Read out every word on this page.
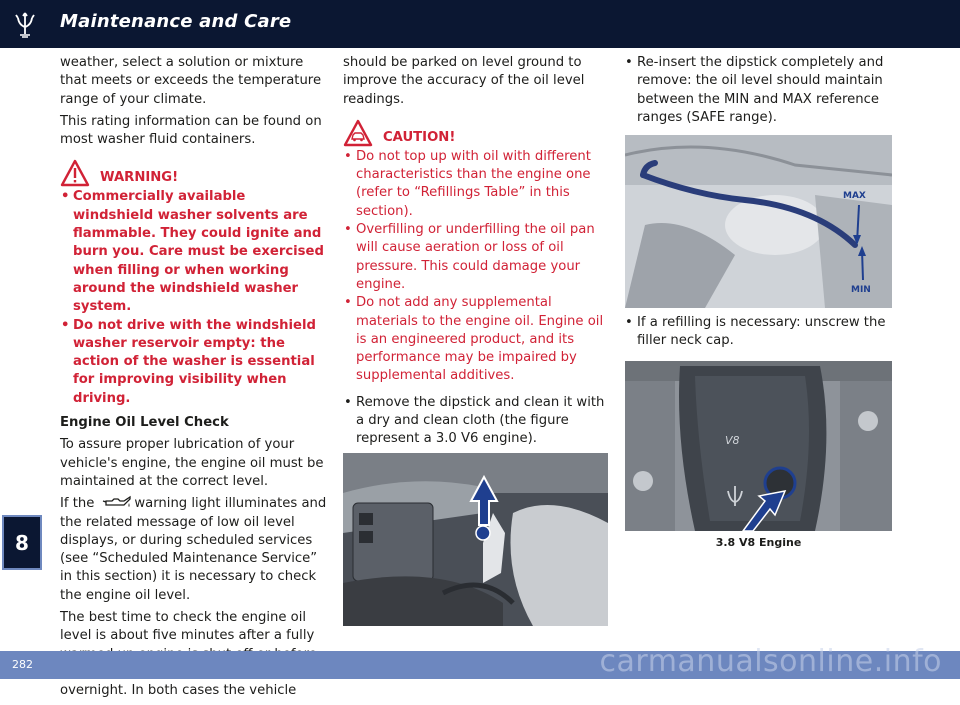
Maintenance and Care
8

weather, select a solution or mixture that meets or exceeds the temperature range of your climate.

This rating information can be found on most washer fluid containers.

WARNING!
• Commercially available windshield washer solvents are flammable. They could ignite and burn you. Care must be exercised when filling or when working around the windshield washer system.
• Do not drive with the windshield washer reservoir empty: the action of the washer is essential for improving visibility when driving.

Engine Oil Level Check

To assure proper lubrication of your vehicle's engine, the engine oil must be maintained at the correct level.

If the	warning light illuminates and the related message of low oil level displays, or during scheduled services (see “Scheduled Maintenance Service” in this section) it is necessary to check the engine oil level.

The best time to check the engine oil level is about five minutes after a fully overnight. In both cases the vehicle

should be parked on level ground to improve the accuracy of the oil level readings.

CAUTION!
• Do not top up with oil with different characteristics than the engine one (refer to “Refillings Table” in this section).
• Overfilling or underfilling the oil pan will cause aeration or loss of oil pressure. This could damage your engine.
• Do not add any supplemental materials to the engine oil. Engine oil is an engineered product, and its performance may be impaired by supplemental additives.
• Remove the dipstick and clean it with a dry and clean cloth (the figure represent a 3.0 V6 engine).
• Re-insert the dipstick completely and remove: the oil level should maintain between the MIN and MAX reference ranges (SAFE range).
MAX
MIN
• If a refilling is necessary: unscrew the filler neck cap.
V8
3.8 V8 Engine
282	carmanualsonline.info
